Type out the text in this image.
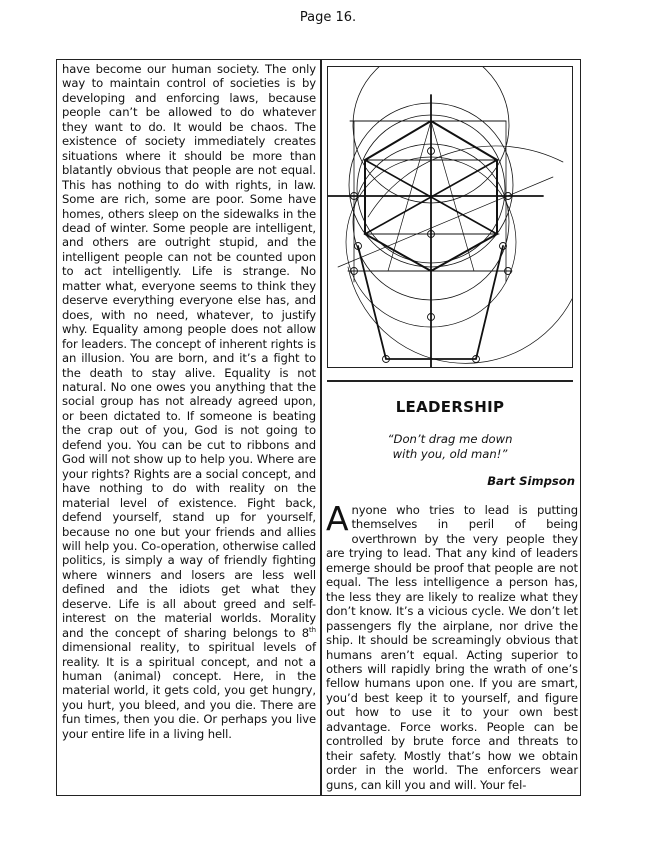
Page 16.

have become our human society. The only way to maintain control of societies is by developing and enforcing laws, because people can’t be allowed to do whatever they want to do. It would be chaos. The existence of society immediately creates situations where it should be more than blatantly obvious that people are not equal. This has nothing to do with rights, in law. Some are rich, some are poor. Some have homes, others sleep on the sidewalks in the dead of winter. Some people are intelligent, and others are outright stupid, and the intelligent people can not be counted upon to act intelligently. Life is strange. No matter what, everyone seems to think they deserve everything everyone else has, and does, with no need, whatever, to justify why. Equality among people does not allow for leaders. The concept of inherent rights is an illusion. You are born, and it’s a fight to the death to stay alive. Equality is not natural. No one owes you anything that the social group has not already agreed upon, or been dictated to. If someone is beating the crap out of you, God is not going to defend you. You can be cut to ribbons and God will not show up to help you. Where are your rights? Rights are a social concept, and have nothing to do with reality on the material level of existence. Fight back, defend yourself, stand up for yourself, because no one but your friends and allies will help you. Co-operation, otherwise called politics, is simply a way of friendly fighting where winners and losers are less well defined and the idiots get what they deserve. Life is all about greed and self-interest on the material worlds. Morality and the concept of sharing belongs to 8th dimensional reality, to spiritual levels of reality. It is a spiritual concept, and not a human (animal) concept. Here, in the material world, it gets cold, you get hungry, you hurt, you bleed, and you die. There are fun times, then you die. Or perhaps you live your entire life in a living hell.

LEADERSHIP
“Don’t drag me down
with you, old man!”
Bart Simpson

Anyone who tries to lead is putting themselves in peril of being overthrown by the very people they are trying to lead. That any kind of leaders emerge should be proof that people are not equal. The less intelligence a person has, the less they are likely to realize what they don’t know. It’s a vicious cycle. We don’t let passengers fly the airplane, nor drive the ship. It should be screamingly obvious that humans aren’t equal. Acting superior to others will rapidly bring the wrath of one’s fellow humans upon one. If you are smart, you’d best keep it to yourself, and figure out how to use it to your own best advantage. Force works. People can be controlled by brute force and threats to their safety. Mostly that’s how we obtain order in the world. The enforcers wear guns, can kill you and will. Your fel-
